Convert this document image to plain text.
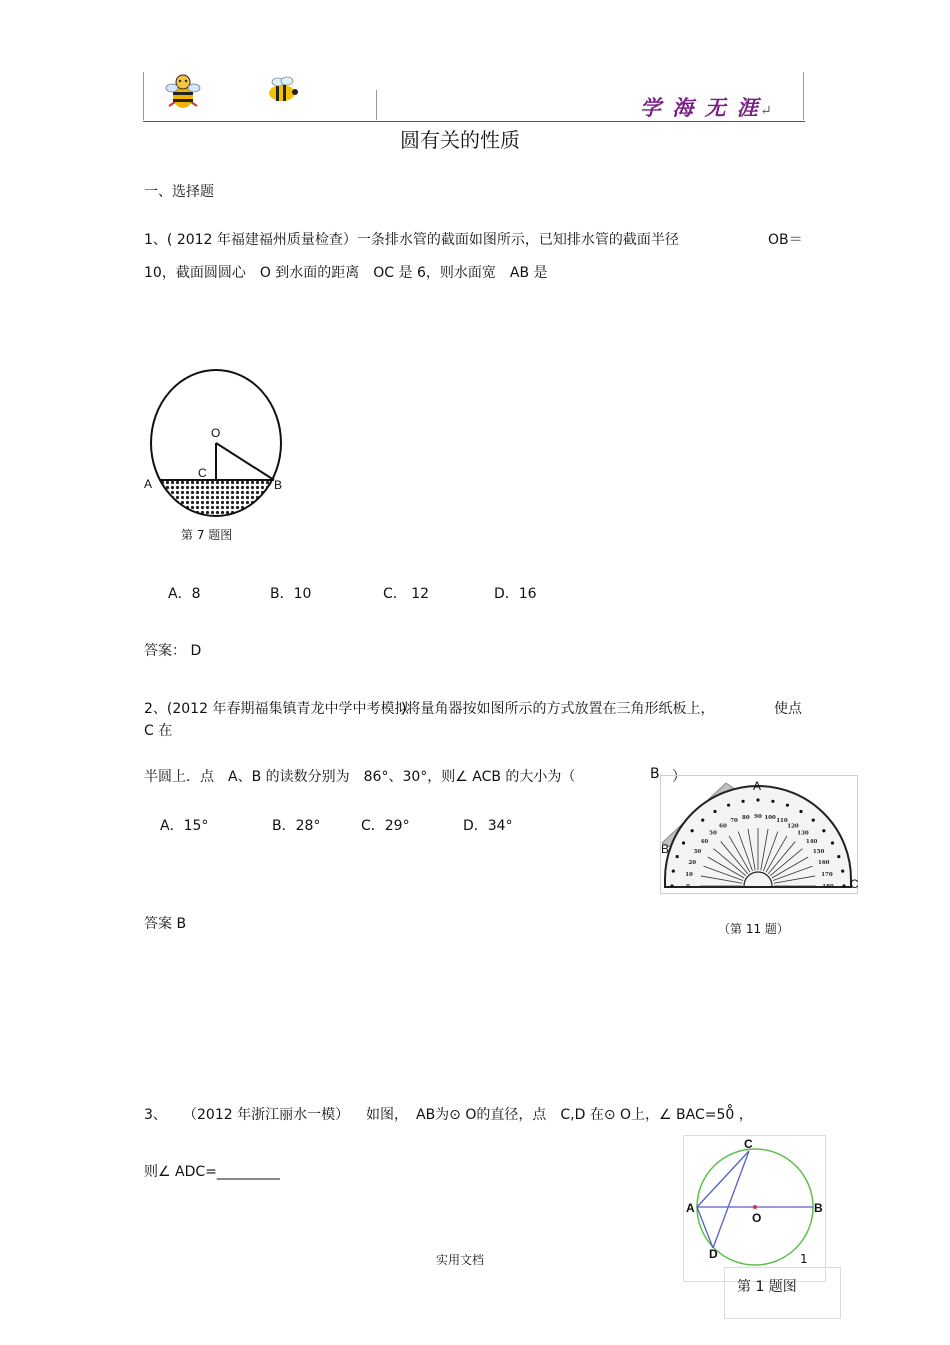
学 海 无 涯↵
圆有关的性质
一、选择题
1、( 2012 年福建福州质量检查）一条排水管的截面如图所示，已知排水管的截面半径	OB＝
10，截面圆圆心　O 到水面的距离　OC 是 6，则水面宽　AB 是
O
C
A	B
第 7 题图
A．8	B．10	C． 12	D．16
答案： D
2、(2012 年春期福集镇青龙中学中考模拟
)将量角器按如图所示的方式放置在三角形纸板上，	使点
C 在
半圆上．点　A、B 的读数分别为　86°、30°，则∠ ACB 的大小为（	B ）
A．15°	B．28°	C．29°	D．34°
答案 B
0
10
20
30
40
50
60
70
80 90 100
110
120
130
140
150
160
170
180
A
B
C
（第 11 题）
3、 （2012 年浙江丽水一模） 如图， AB为⊙ O的直径，点　C,D 在⊙ O上，∠ BAC=50̊ ，
则∠ ADC=_________
C
A	B
O
D	1
第 1 题图
实用文档
